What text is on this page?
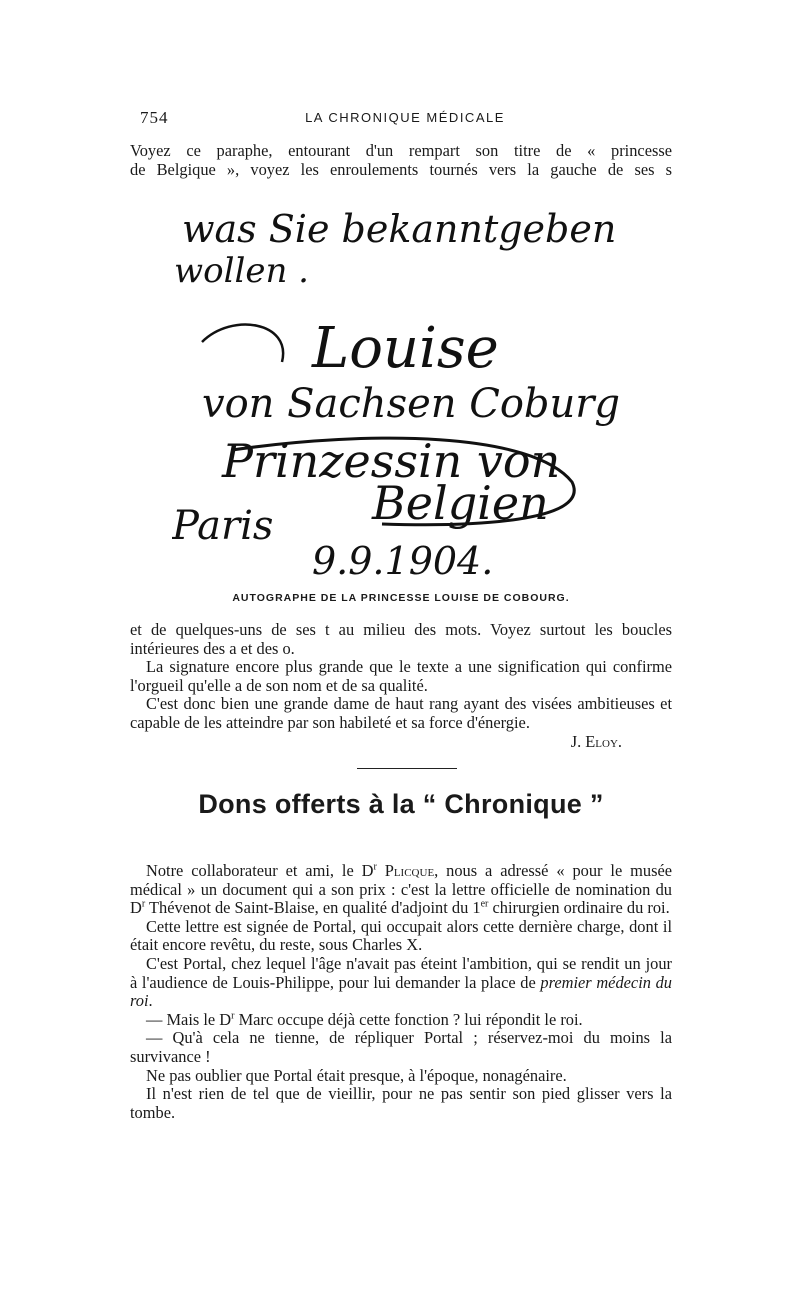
754	LA CHRONIQUE MÉDICALE

Voyez ce paraphe, entourant d'un rempart son titre de « princesse

de Belgique », voyez les enroulements tournés vers la gauche de ses s

was Sie bekanntgeben
wollen .
Louise
von Sachsen Coburg
Prinzessin von
Belgien
Paris
9.9.1904.
AUTOGRAPHE DE LA PRINCESSE LOUISE DE COBOURG.

et de quelques-uns de ses t au milieu des mots. Voyez surtout les boucles intérieures des a et des o.

La signature encore plus grande que le texte a une signification qui confirme l'orgueil qu'elle a de son nom et de sa qualité.

C'est donc bien une grande dame de haut rang ayant des visées ambitieuses et capable de les atteindre par son habileté et sa force d'énergie.

J. Eloy.
Dons offerts à la “ Chronique ”

Notre collaborateur et ami, le $D^r$ Plicque, nous a adressé « pour le musée médical » un document qui a son prix : c'est la lettre officielle de nomination du $D^r$ Thévenot de Saint-Blaise, en qualité d'adjoint du 1er chirurgien ordinaire du roi.

Cette lettre est signée de Portal, qui occupait alors cette dernière charge, dont il était encore revêtu, du reste, sous Charles X.

C'est Portal, chez lequel l'âge n'avait pas éteint l'ambition, qui se rendit un jour à l'audience de Louis-Philippe, pour lui demander la place de premier médecin du roi.

— Mais le $D^r$ Marc occupe déjà cette fonction ? lui répondit le roi.

— Qu'à cela ne tienne, de répliquer Portal ; réservez-moi du moins la survivance !

Ne pas oublier que Portal était presque, à l'époque, nonagénaire.

Il n'est rien de tel que de vieillir, pour ne pas sentir son pied glisser vers la tombe.
